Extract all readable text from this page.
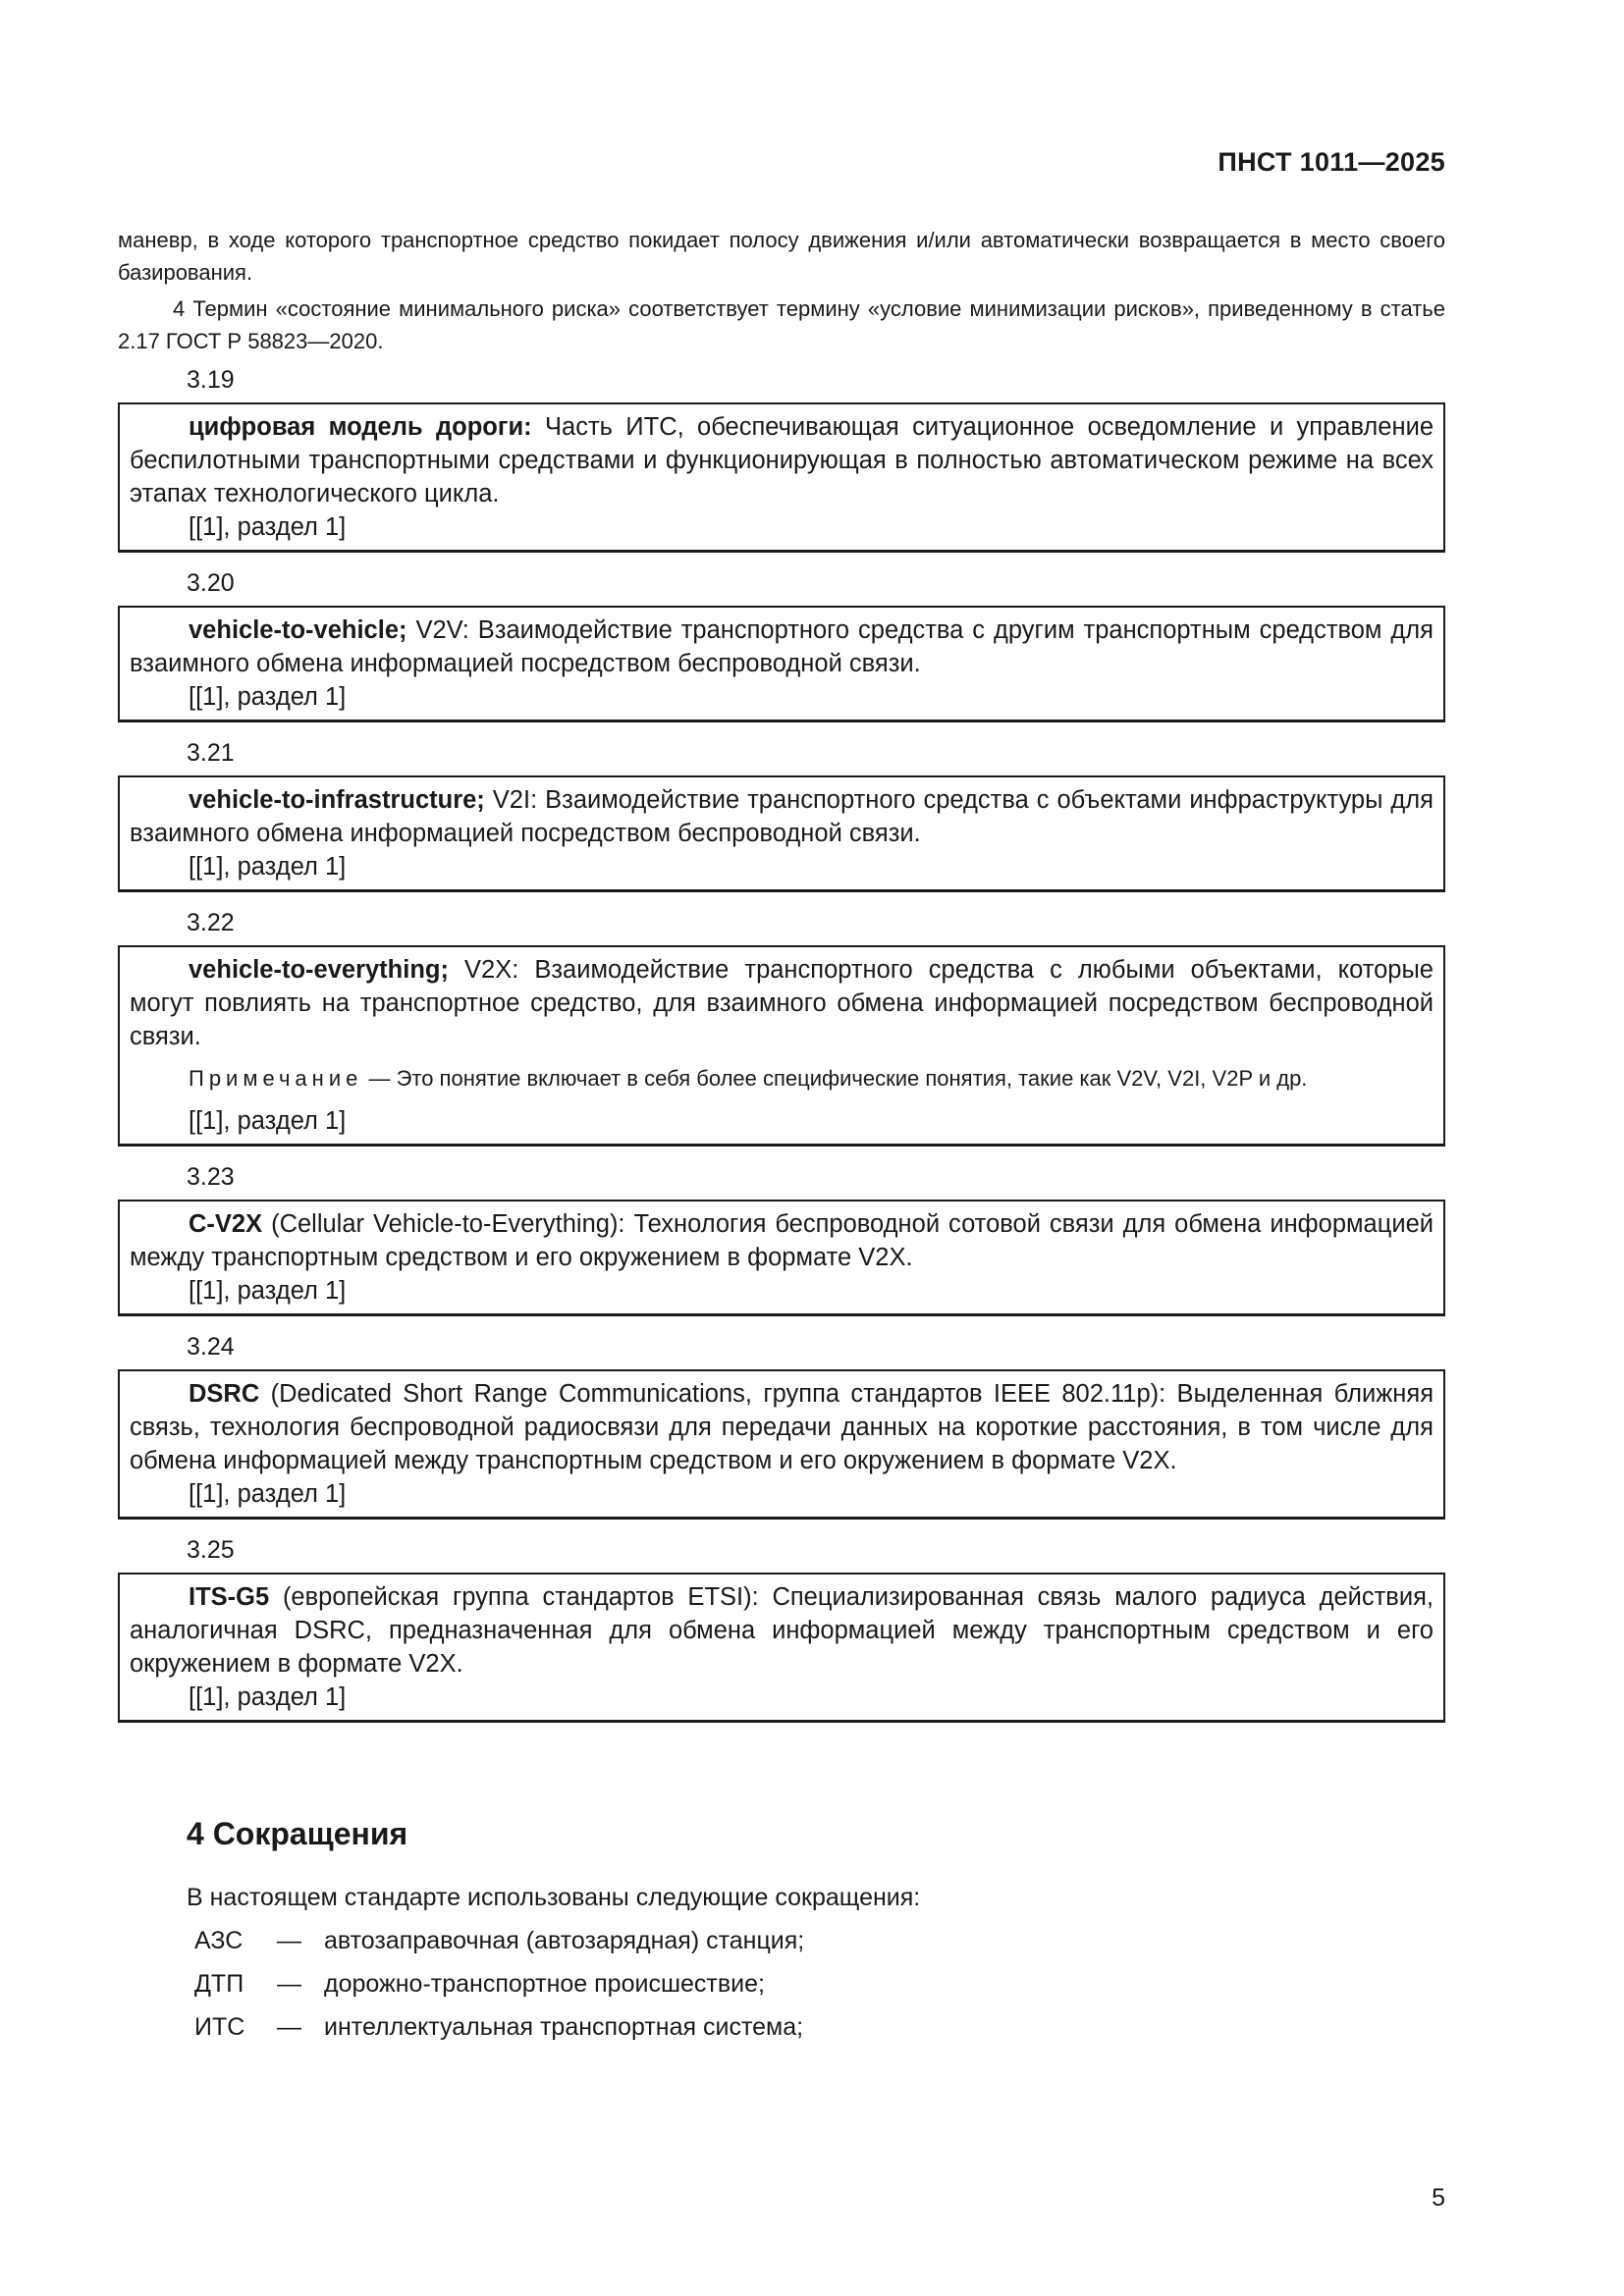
ПНСТ 1011—2025

маневр, в ходе которого транспортное средство покидает полосу движения и/или автоматически возвращается в место своего базирования.

4 Термин «состояние минимального риска» соответствует термину «условие минимизации рисков», приведенному в статье 2.17 ГОСТ Р 58823—2020.

3.19

цифровая модель дороги: Часть ИТС, обеспечивающая ситуационное осведомление и управление беспилотными транспортными средствами и функционирующая в полностью автоматическом режиме на всех этапах технологического цикла.

[[1], раздел 1]

3.20

vehicle-to-vehicle; V2V: Взаимодействие транспортного средства с другим транспортным средством для взаимного обмена информацией посредством беспроводной связи.

[[1], раздел 1]

3.21

vehicle-to-infrastructure; V2I: Взаимодействие транспортного средства с объектами инфраструктуры для взаимного обмена информацией посредством беспроводной связи.

[[1], раздел 1]

3.22

vehicle-to-everything; V2X: Взаимодействие транспортного средства с любыми объектами, которые могут повлиять на транспортное средство, для взаимного обмена информацией посредством беспроводной связи.

Примечание — Это понятие включает в себя более специфические понятия, такие как V2V, V2I, V2P и др.

[[1], раздел 1]

3.23

C-V2X (Cellular Vehicle-to-Everything): Технология беспроводной сотовой связи для обмена информацией между транспортным средством и его окружением в формате V2X.

[[1], раздел 1]

3.24

DSRC (Dedicated Short Range Communications, группа стандартов IEEE 802.11p): Выделенная ближняя связь, технология беспроводной радиосвязи для передачи данных на короткие расстояния, в том числе для обмена информацией между транспортным средством и его окружением в формате V2X.

[[1], раздел 1]

3.25

ITS-G5 (европейская группа стандартов ETSI): Специализированная связь малого радиуса действия, аналогичная DSRC, предназначенная для обмена информацией между транспортным средством и его окружением в формате V2X.

[[1], раздел 1]

4 Сокращения

В настоящем стандарте использованы следующие сокращения:

АЗС	— автозаправочная (автозарядная) станция;
ДТП	— дорожно-транспортное происшествие;
ИТС	— интеллектуальная транспортная система;
5
